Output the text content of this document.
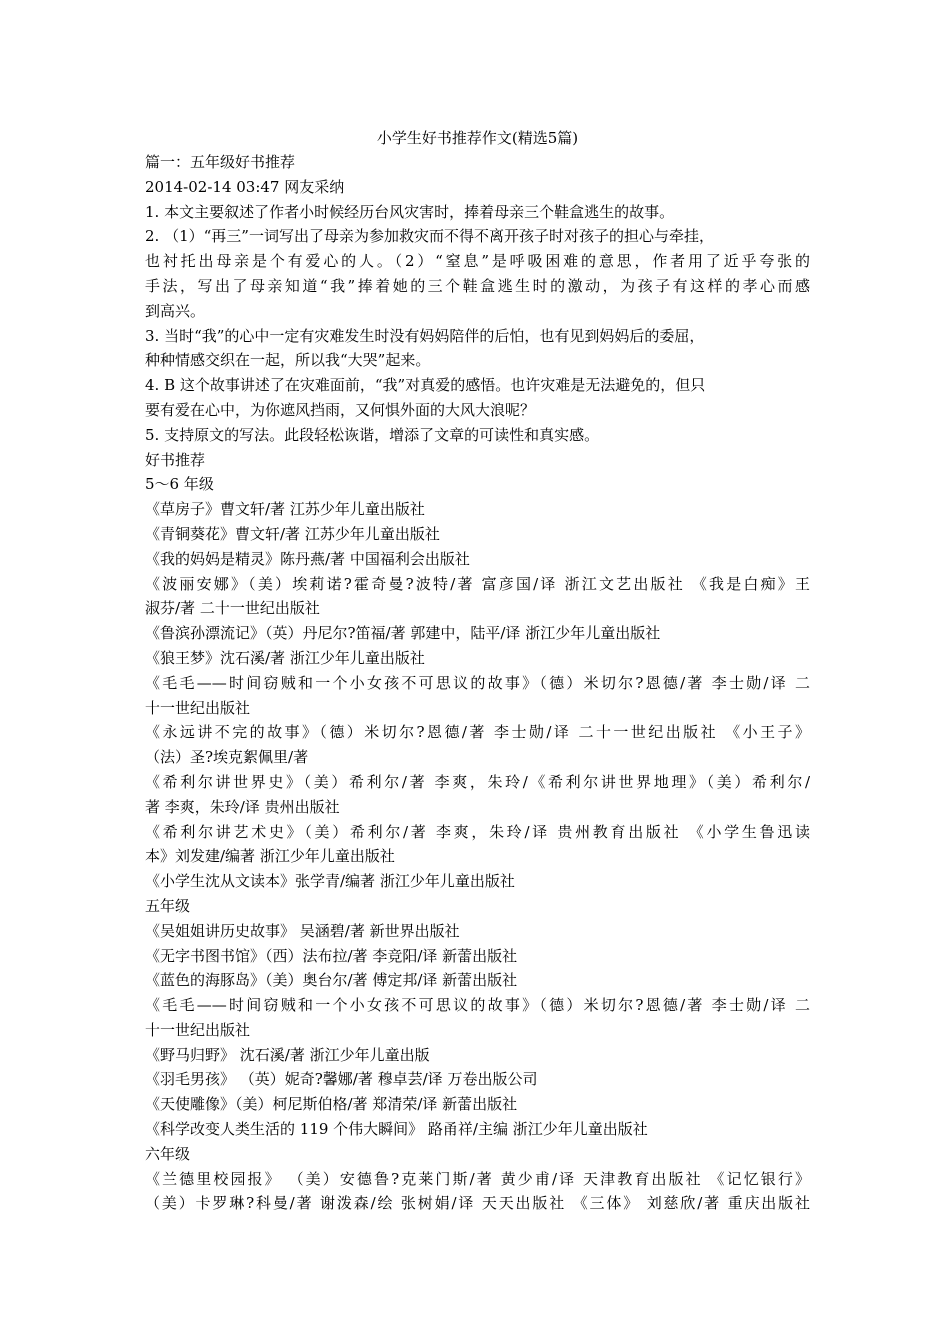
小学生好书推荐作文(精选5篇)
篇一：五年级好书推荐
2014-02-14 03:47 网友采纳
1. 本文主要叙述了作者小时候经历台风灾害时，捧着母亲三个鞋盒逃生的故事。
2. （1）“再三”一词写出了母亲为参加救灾而不得不离开孩子时对孩子的担心与牵挂，
也衬托出母亲是个有爱心的人。（2）“窒息”是呼吸困难的意思，作者用了近乎夸张的
手法，写出了母亲知道“我”捧着她的三个鞋盒逃生时的激动，为孩子有这样的孝心而感
到高兴。
3. 当时“我”的心中一定有灾难发生时没有妈妈陪伴的后怕，也有见到妈妈后的委屈，
种种情感交织在一起，所以我“大哭”起来。
4. B 这个故事讲述了在灾难面前，“我”对真爱的感悟。也许灾难是无法避免的，但只
要有爱在心中，为你遮风挡雨，又何惧外面的大风大浪呢？
5. 支持原文的写法。此段轻松诙谐，增添了文章的可读性和真实感。
好书推荐
5～6 年级
《草房子》曹文轩/著 江苏少年儿童出版社
《青铜葵花》曹文轩/著 江苏少年儿童出版社
《我的妈妈是精灵》陈丹燕/著 中国福利会出版社
《波丽安娜》（美）埃莉诺?霍奇曼?波特/著 富彦国/译 浙江文艺出版社 《我是白痴》王
淑芬/著 二十一世纪出版社
《鲁滨孙漂流记》（英）丹尼尔?笛福/著 郭建中，陆平/译 浙江少年儿童出版社
《狼王梦》沈石溪/著 浙江少年儿童出版社
《毛毛——时间窃贼和一个小女孩不可思议的故事》（德）米切尔?恩德/著 李士勋/译 二
十一世纪出版社
《永远讲不完的故事》（德）米切尔?恩德/著 李士勋/译 二十一世纪出版社 《小王子》
（法）圣?埃克絮佩里/著
《希利尔讲世界史》（美）希利尔/著 李爽，朱玲/《希利尔讲世界地理》（美）希利尔/
著 李爽，朱玲/译 贵州出版社
《希利尔讲艺术史》（美）希利尔/著 李爽，朱玲/译 贵州教育出版社 《小学生鲁迅读
本》刘发建/编著 浙江少年儿童出版社
《小学生沈从文读本》张学青/编著 浙江少年儿童出版社
五年级
《吴姐姐讲历史故事》 吴涵碧/著 新世界出版社
《无字书图书馆》（西）法布拉/著 李竞阳/译 新蕾出版社
《蓝色的海豚岛》（美）奥台尔/著 傅定邦/译 新蕾出版社
《毛毛——时间窃贼和一个小女孩不可思议的故事》（德）米切尔?恩德/著 李士勋/译 二
十一世纪出版社
《野马归野》 沈石溪/著 浙江少年儿童出版
《羽毛男孩》 （英）妮奇?馨娜/著 穆卓芸/译 万卷出版公司
《天使雕像》（美）柯尼斯伯格/著 郑清荣/译 新蕾出版社
《科学改变人类生活的 119 个伟大瞬间》 路甬祥/主编 浙江少年儿童出版社
六年级
《兰德里校园报》 （美）安德鲁?克莱门斯/著 黄少甫/译 天津教育出版社 《记忆银行》
（美）卡罗琳?科曼/著 谢泼森/绘 张树娟/译 天天出版社 《三体》 刘慈欣/著 重庆出版社
